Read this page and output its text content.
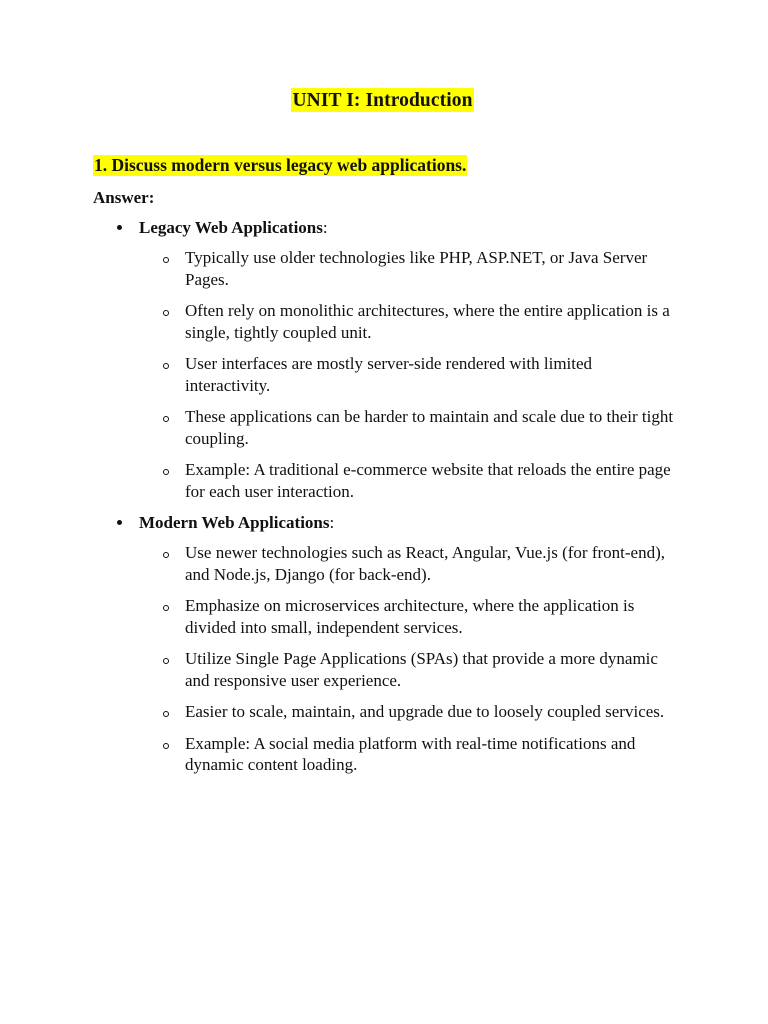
UNIT I: Introduction
1. Discuss modern versus legacy web applications.
Answer:
Legacy Web Applications:
Typically use older technologies like PHP, ASP.NET, or Java Server Pages.
Often rely on monolithic architectures, where the entire application is a single, tightly coupled unit.
User interfaces are mostly server-side rendered with limited interactivity.
These applications can be harder to maintain and scale due to their tight coupling.
Example: A traditional e-commerce website that reloads the entire page for each user interaction.
Modern Web Applications:
Use newer technologies such as React, Angular, Vue.js (for front-end), and Node.js, Django (for back-end).
Emphasize on microservices architecture, where the application is divided into small, independent services.
Utilize Single Page Applications (SPAs) that provide a more dynamic and responsive user experience.
Easier to scale, maintain, and upgrade due to loosely coupled services.
Example: A social media platform with real-time notifications and dynamic content loading.
